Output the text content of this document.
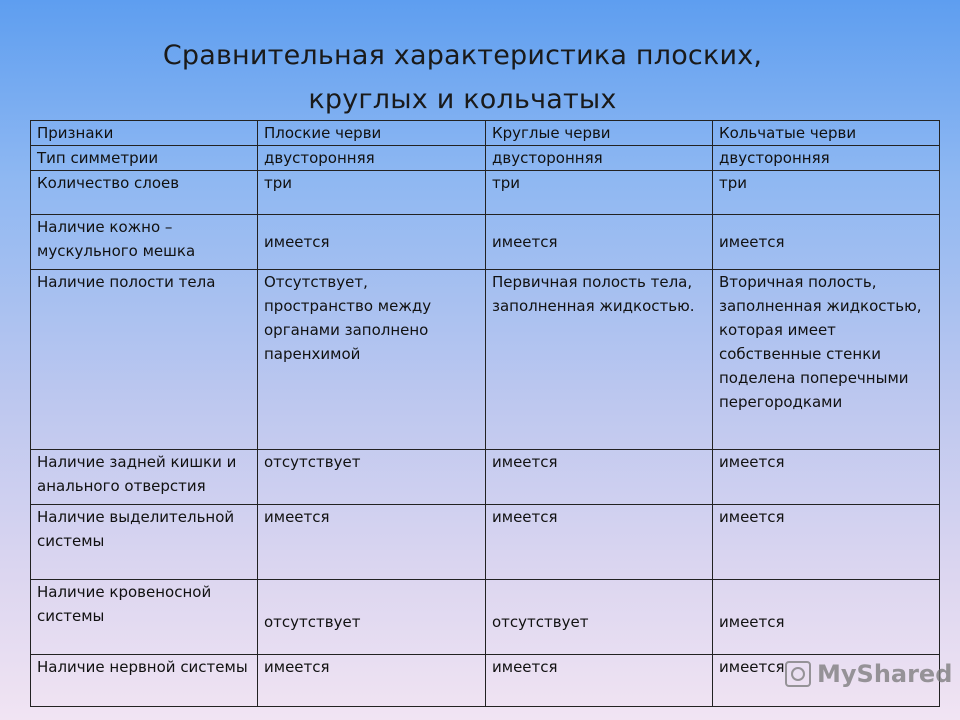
Сравнительная характеристика плоских,
круглых и кольчатых
Признаки	Плоские черви	Круглые черви	Кольчатые черви
Тип симметрии	двусторонняя	двусторонняя	двусторонняя
Количество слоев	три	три	три
Наличие кожно – мускульного мешка	имеется	имеется	имеется
Наличие полости тела	Отсутствует, пространство между органами заполнено паренхимой	Первичная полость тела, заполненная жидкостью.	Вторичная полость, заполненная жидкостью, которая имеет собственные стенки поделена поперечными перегородками
Наличие задней кишки и анального отверстия	отсутствует	имеется	имеется
Наличие выделительной системы	имеется	имеется	имеется
Наличие кровеносной системы	отсутствует	отсутствует	имеется
Наличие нервной системы	имеется	имеется	имеется MyShared
